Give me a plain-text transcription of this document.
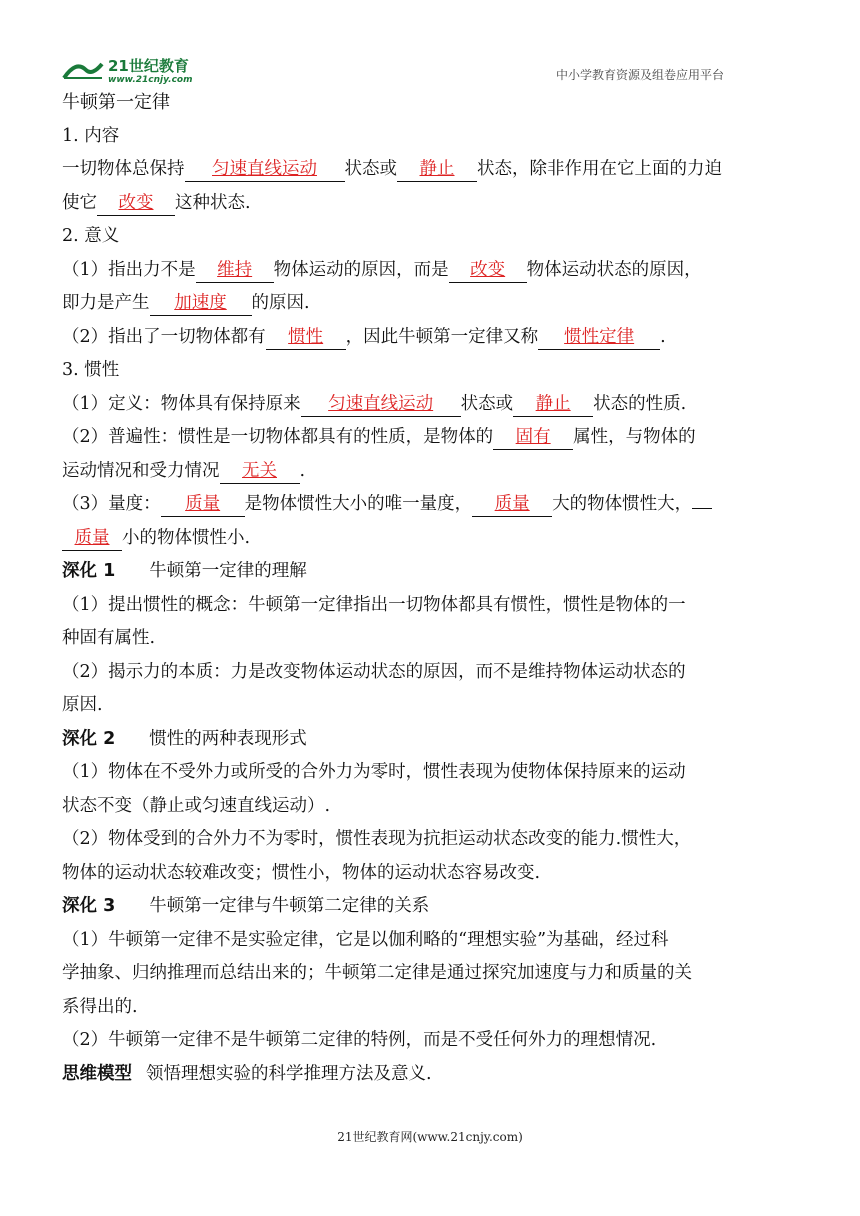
21世纪教育
www.21cnjy.com	中小学教育资源及组卷应用平台
牛顿第一定律
1. 内容
一切物体总保持 匀速直线运动 状态或 静止 状态，除非作用在它上面的力迫
使它 改变 这种状态.
2. 意义
（1）指出力不是 维持 物体运动的原因，而是 改变 物体运动状态的原因，
即力是产生 加速度 的原因.
（2）指出了一切物体都有 惯性 ，因此牛顿第一定律又称 惯性定律 .
3. 惯性
（1）定义：物体具有保持原来 匀速直线运动 状态或 静止 状态的性质.
（2）普遍性：惯性是一切物体都具有的性质，是物体的 固有 属性，与物体的
运动情况和受力情况 无关 .
（3）量度： 质量 是物体惯性大小的唯一量度， 质量 大的物体惯性大，
质量 小的物体惯性小.
深化 1 牛顿第一定律的理解
（1）提出惯性的概念：牛顿第一定律指出一切物体都具有惯性，惯性是物体的一
种固有属性.
（2）揭示力的本质：力是改变物体运动状态的原因，而不是维持物体运动状态的
原因.
深化 2 惯性的两种表现形式
（1）物体在不受外力或所受的合外力为零时，惯性表现为使物体保持原来的运动
状态不变（静止或匀速直线运动）.
（2）物体受到的合外力不为零时，惯性表现为抗拒运动状态改变的能力.惯性大，
物体的运动状态较难改变；惯性小，物体的运动状态容易改变.
深化 3 牛顿第一定律与牛顿第二定律的关系
（1）牛顿第一定律不是实验定律，它是以伽利略的“理想实验”为基础，经过科
学抽象、归纳推理而总结出来的；牛顿第二定律是通过探究加速度与力和质量的关
系得出的.
（2）牛顿第一定律不是牛顿第二定律的特例，而是不受任何外力的理想情况.
思维模型 领悟理想实验的科学推理方法及意义.
21世纪教育网(www.21cnjy.com)
